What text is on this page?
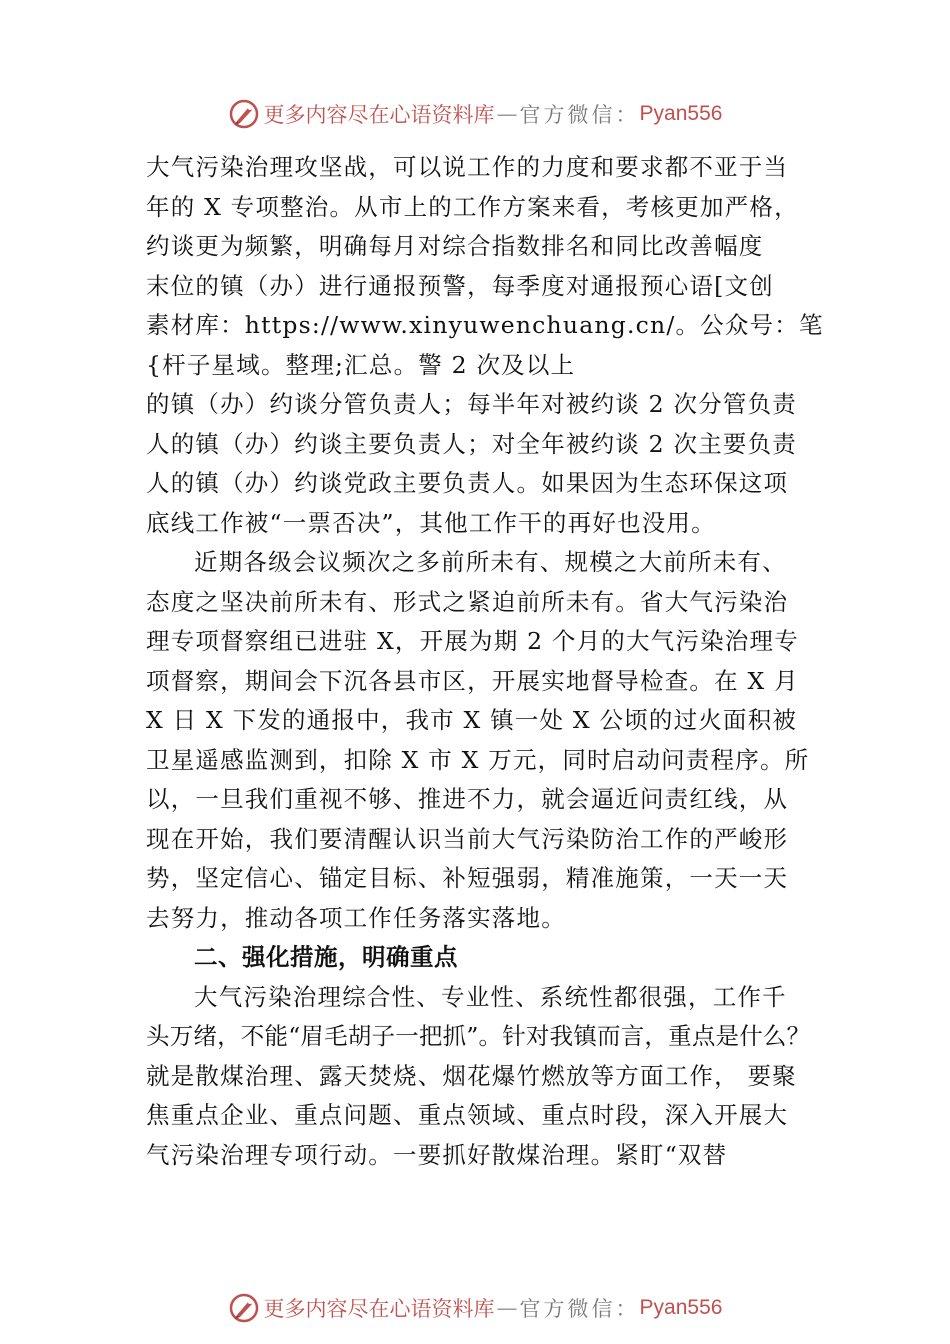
更多内容尽在心语资料库 — 官方微信： Pyan556
大气污染治理攻坚战，可以说工作的力度和要求都不亚于当
年的 X 专项整治。从市上的工作方案来看，考核更加严格，
约谈更为频繁，明确每月对综合指数排名和同比改善幅度
末位的镇（办）进行通报预警，每季度对通报预心语[文创
素材库：https://www.xinyuwenchuang.cn/。公众号：笔
{杆子星域。整理;汇总。警 2 次及以上
的镇（办）约谈分管负责人；每半年对被约谈 2 次分管负责
人的镇（办）约谈主要负责人；对全年被约谈 2 次主要负责
人的镇（办）约谈党政主要负责人。如果因为生态环保这项
底线工作被“一票否决”，其他工作干的再好也没用。
近期各级会议频次之多前所未有、规模之大前所未有、
态度之坚决前所未有、形式之紧迫前所未有。省大气污染治
理专项督察组已进驻 X，开展为期 2 个月的大气污染治理专
项督察，期间会下沉各县市区，开展实地督导检查。在 X 月
X 日 X 下发的通报中，我市 X 镇一处 X 公顷的过火面积被
卫星遥感监测到，扣除 X 市 X 万元，同时启动问责程序。所
以，一旦我们重视不够、推进不力，就会逼近问责红线，从
现在开始，我们要清醒认识当前大气污染防治工作的严峻形
势，坚定信心、锚定目标、补短强弱，精准施策，一天一天
去努力，推动各项工作任务落实落地。
二、强化措施，明确重点
大气污染治理综合性、专业性、系统性都很强，工作千
头万绪，不能“眉毛胡子一把抓”。针对我镇而言，重点是什么？
就是散煤治理、露天焚烧、烟花爆竹燃放等方面工作， 要聚
焦重点企业、重点问题、重点领域、重点时段，深入开展大
气污染治理专项行动。一要抓好散煤治理。紧盯“双替
更多内容尽在心语资料库 — 官方微信： Pyan556
